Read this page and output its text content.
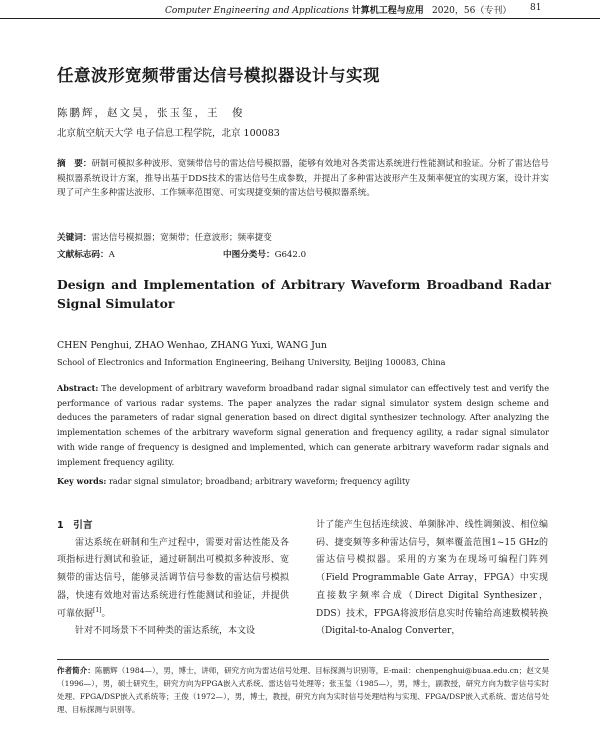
Computer Engineering and Applications 计算机工程与应用 2020，56（专刊） 81
任意波形宽频带雷达信号模拟器设计与实现
陈鹏辉，赵文昊，张玉玺，王　俊
北京航空航天大学 电子信息工程学院，北京 100083
摘　要：研制可模拟多种波形、宽频带信号的雷达信号模拟器，能够有效地对各类雷达系统进行性能测试和验证。分析了雷达信号模拟器系统设计方案，推导出基于DDS技术的雷达信号生成参数，并提出了多种雷达波形产生及频率便宜的实现方案，设计并实现了可产生多种雷达波形、工作频率范围宽、可实现捷变频的雷达信号模拟器系统。
关键词：雷达信号模拟器；宽频带；任意波形；频率捷变
文献标志码：A	中图分类号：G642.0
Design and Implementation of Arbitrary Waveform Broadband Radar Signal Simulator
CHEN Penghui, ZHAO Wenhao, ZHANG Yuxi, WANG Jun
School of Electronics and Information Engineering, Beihang University, Beijing 100083, China
Abstract: The development of arbitrary waveform broadband radar signal simulator can effectively test and verify the performance of various radar systems. The paper analyzes the radar signal simulator system design scheme and deduces the parameters of radar signal generation based on direct digital synthesizer technology. After analyzing the implementation schemes of the arbitrary waveform signal generation and frequency agility, a radar signal simulator with wide range of frequency is designed and implemented, which can generate arbitrary waveform radar signals and implement frequency agility.
Key words: radar signal simulator; broadband; arbitrary waveform; frequency agility
1　引言
雷达系统在研制和生产过程中，需要对雷达性能及各项指标进行测试和验证，通过研制出可模拟多种波形、宽频带的雷达信号，能够灵活调节信号参数的雷达信号模拟器，快速有效地对雷达系统进行性能测试和验证，并提供可靠依据[1]。
针对不同场景下不同种类的雷达系统，本文设
计了能产生包括连续波、单频脉冲、线性调频波、相位编码、捷变频等多种雷达信号，频率覆盖范围1~15 GHz的雷达信号模拟器。采用的方案为在现场可编程门阵列（Field Programmable Gate Array，FPGA）中实现直接数字频率合成（Direct Digital Synthesizer，DDS）技术，FPGA将波形信息实时传输给高速数模转换（Digital-to-Analog Converter，
作者简介：陈鹏辉（1984—），男，博士，讲师，研究方向为雷达信号处理、目标探测与识别等，E-mail：chenpenghui@buaa.edu.cn；赵文昊（1996—），男，硕士研究生，研究方向为FPGA嵌入式系统、雷达信号处理等；张玉玺（1985—），男，博士，副教授，研究方向为数字信号实时处理、FPGA/DSP嵌入式系统等；王俊（1972—），男，博士，教授，研究方向为实时信号处理结构与实现、FPGA/DSP嵌入式系统、雷达信号处理、目标探测与识别等。
